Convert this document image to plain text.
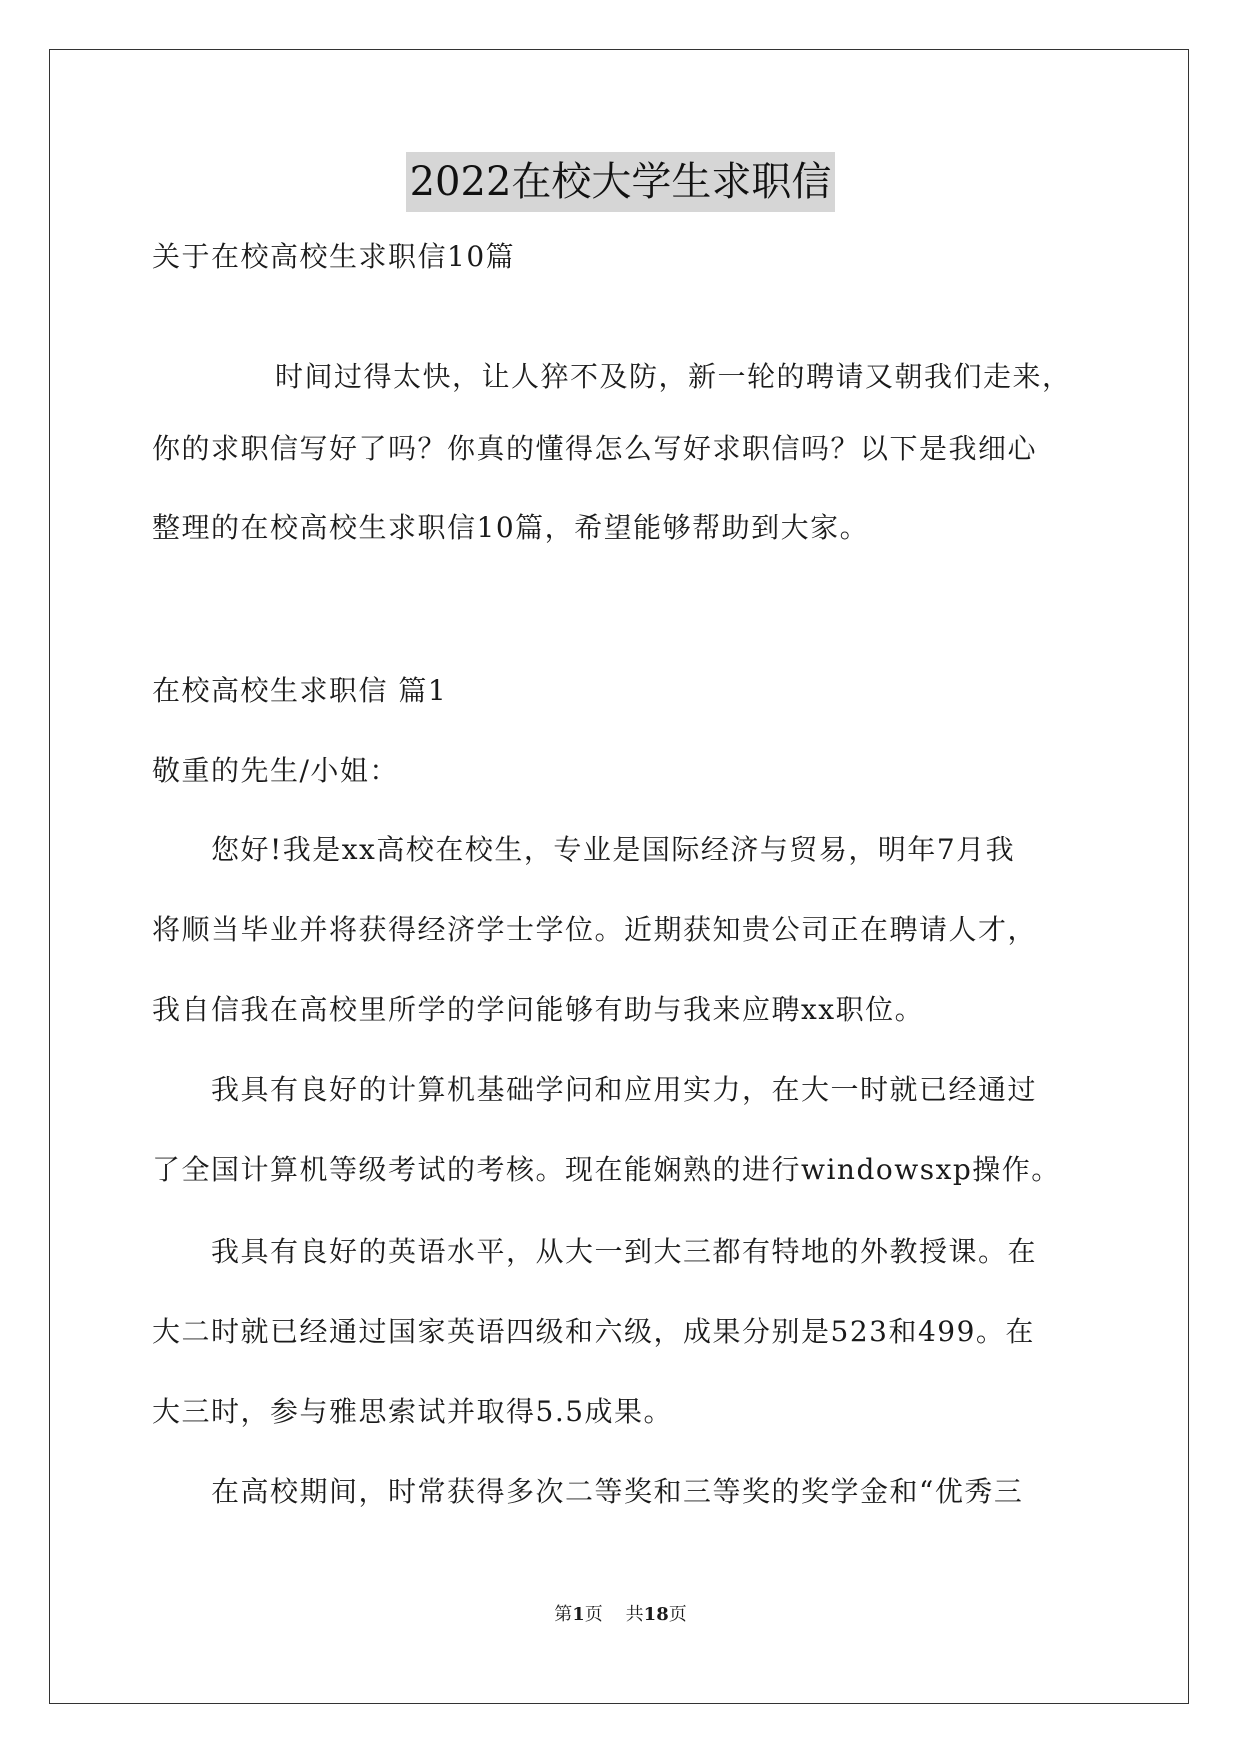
2022在校大学生求职信
关于在校高校生求职信10篇
　　时间过得太快，让人猝不及防，新一轮的聘请又朝我们走来，
你的求职信写好了吗？你真的懂得怎么写好求职信吗？以下是我细心
整理的在校高校生求职信10篇，希望能够帮助到大家。
在校高校生求职信 篇1
敬重的先生/小姐：
　　您好!我是xx高校在校生，专业是国际经济与贸易，明年7月我
将顺当毕业并将获得经济学士学位。近期获知贵公司正在聘请人才，
我自信我在高校里所学的学问能够有助与我来应聘xx职位。
　　我具有良好的计算机基础学问和应用实力，在大一时就已经通过
了全国计算机等级考试的考核。现在能娴熟的进行windowsxp操作。
　　我具有良好的英语水平，从大一到大三都有特地的外教授课。在
大二时就已经通过国家英语四级和六级，成果分别是523和499。在
大三时，参与雅思索试并取得5.5成果。
　　在高校期间，时常获得多次二等奖和三等奖的奖学金和“优秀三
第1页 共18页
